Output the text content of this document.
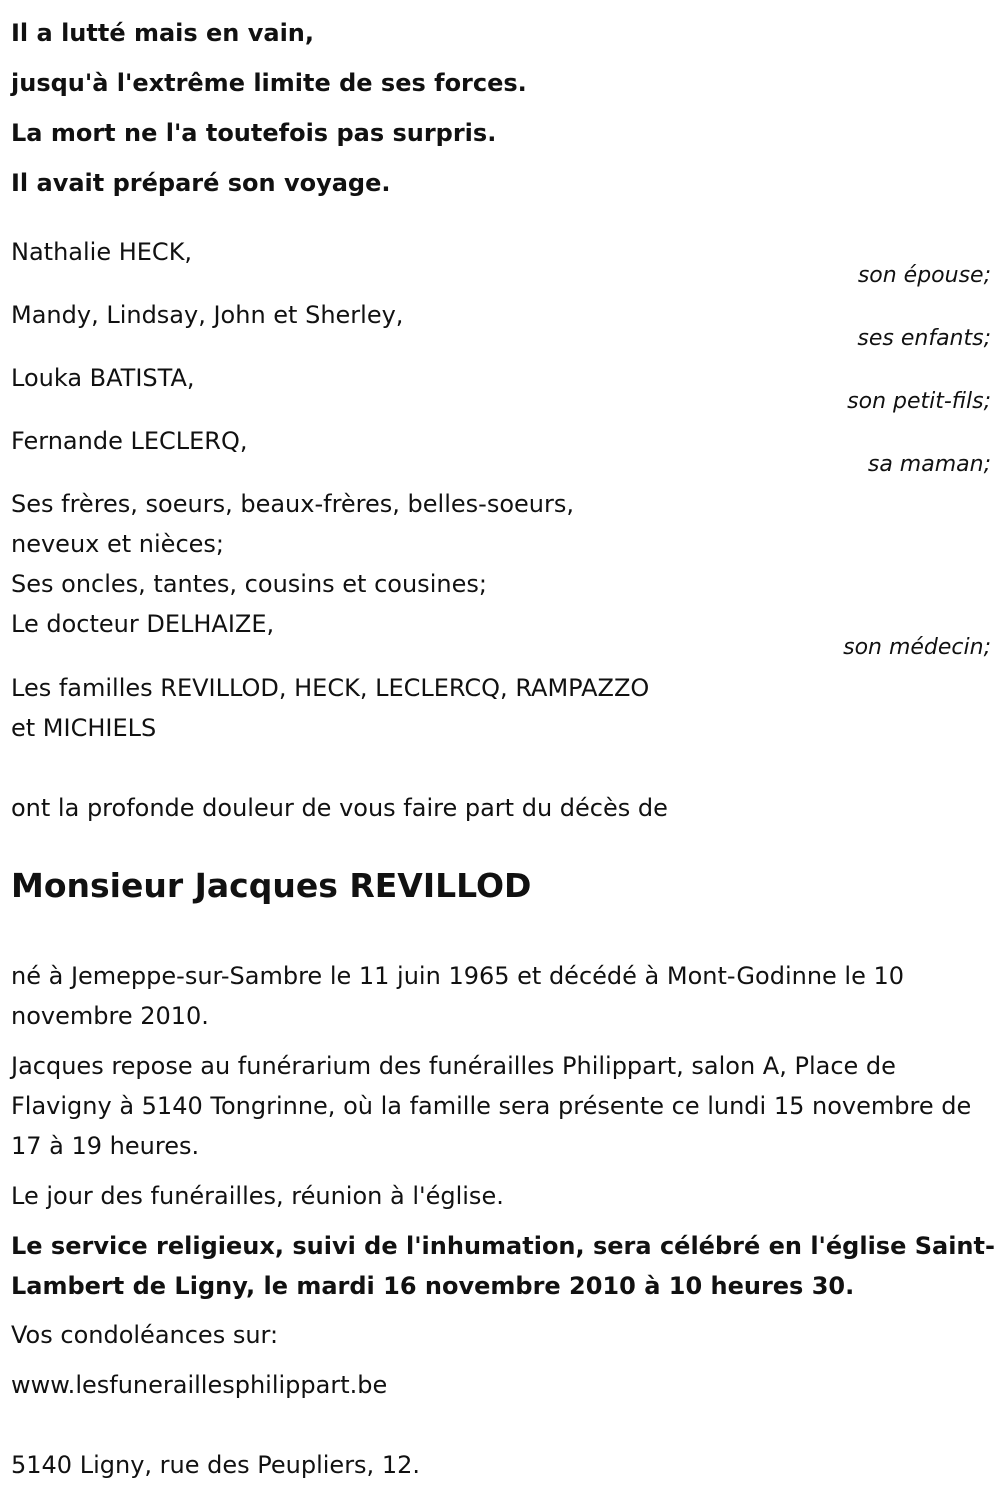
Il a lutté mais en vain,
jusqu'à l'extrême limite de ses forces.
La mort ne l'a toutefois pas surpris.
Il avait préparé son voyage.
Nathalie HECK,
son épouse;
Mandy, Lindsay, John et Sherley,
ses enfants;
Louka BATISTA,
son petit-fils;
Fernande LECLERQ,
sa maman;
Ses frères, soeurs, beaux-frères, belles-soeurs,
neveux et nièces;
Ses oncles, tantes, cousins et cousines;
Le docteur DELHAIZE,
son médecin;
Les familles REVILLOD, HECK, LECLERCQ, RAMPAZZO
et MICHIELS
ont la profonde douleur de vous faire part du décès de
Monsieur Jacques REVILLOD
né à Jemeppe-sur-Sambre le 11 juin 1965 et décédé à Mont-Godinne le 10 novembre 2010.
Jacques repose au funérarium des funérailles Philippart, salon A, Place de Flavigny à 5140 Tongrinne, où la famille sera présente ce lundi 15 novembre de 17 à 19 heures.
Le jour des funérailles, réunion à l'église.
Le service religieux, suivi de l'inhumation, sera célébré en l'église Saint-Lambert de Ligny, le mardi 16 novembre 2010 à 10 heures 30.
Vos condoléances sur:
www.lesfuneraillesphilippart.be
5140 Ligny, rue des Peupliers, 12.
